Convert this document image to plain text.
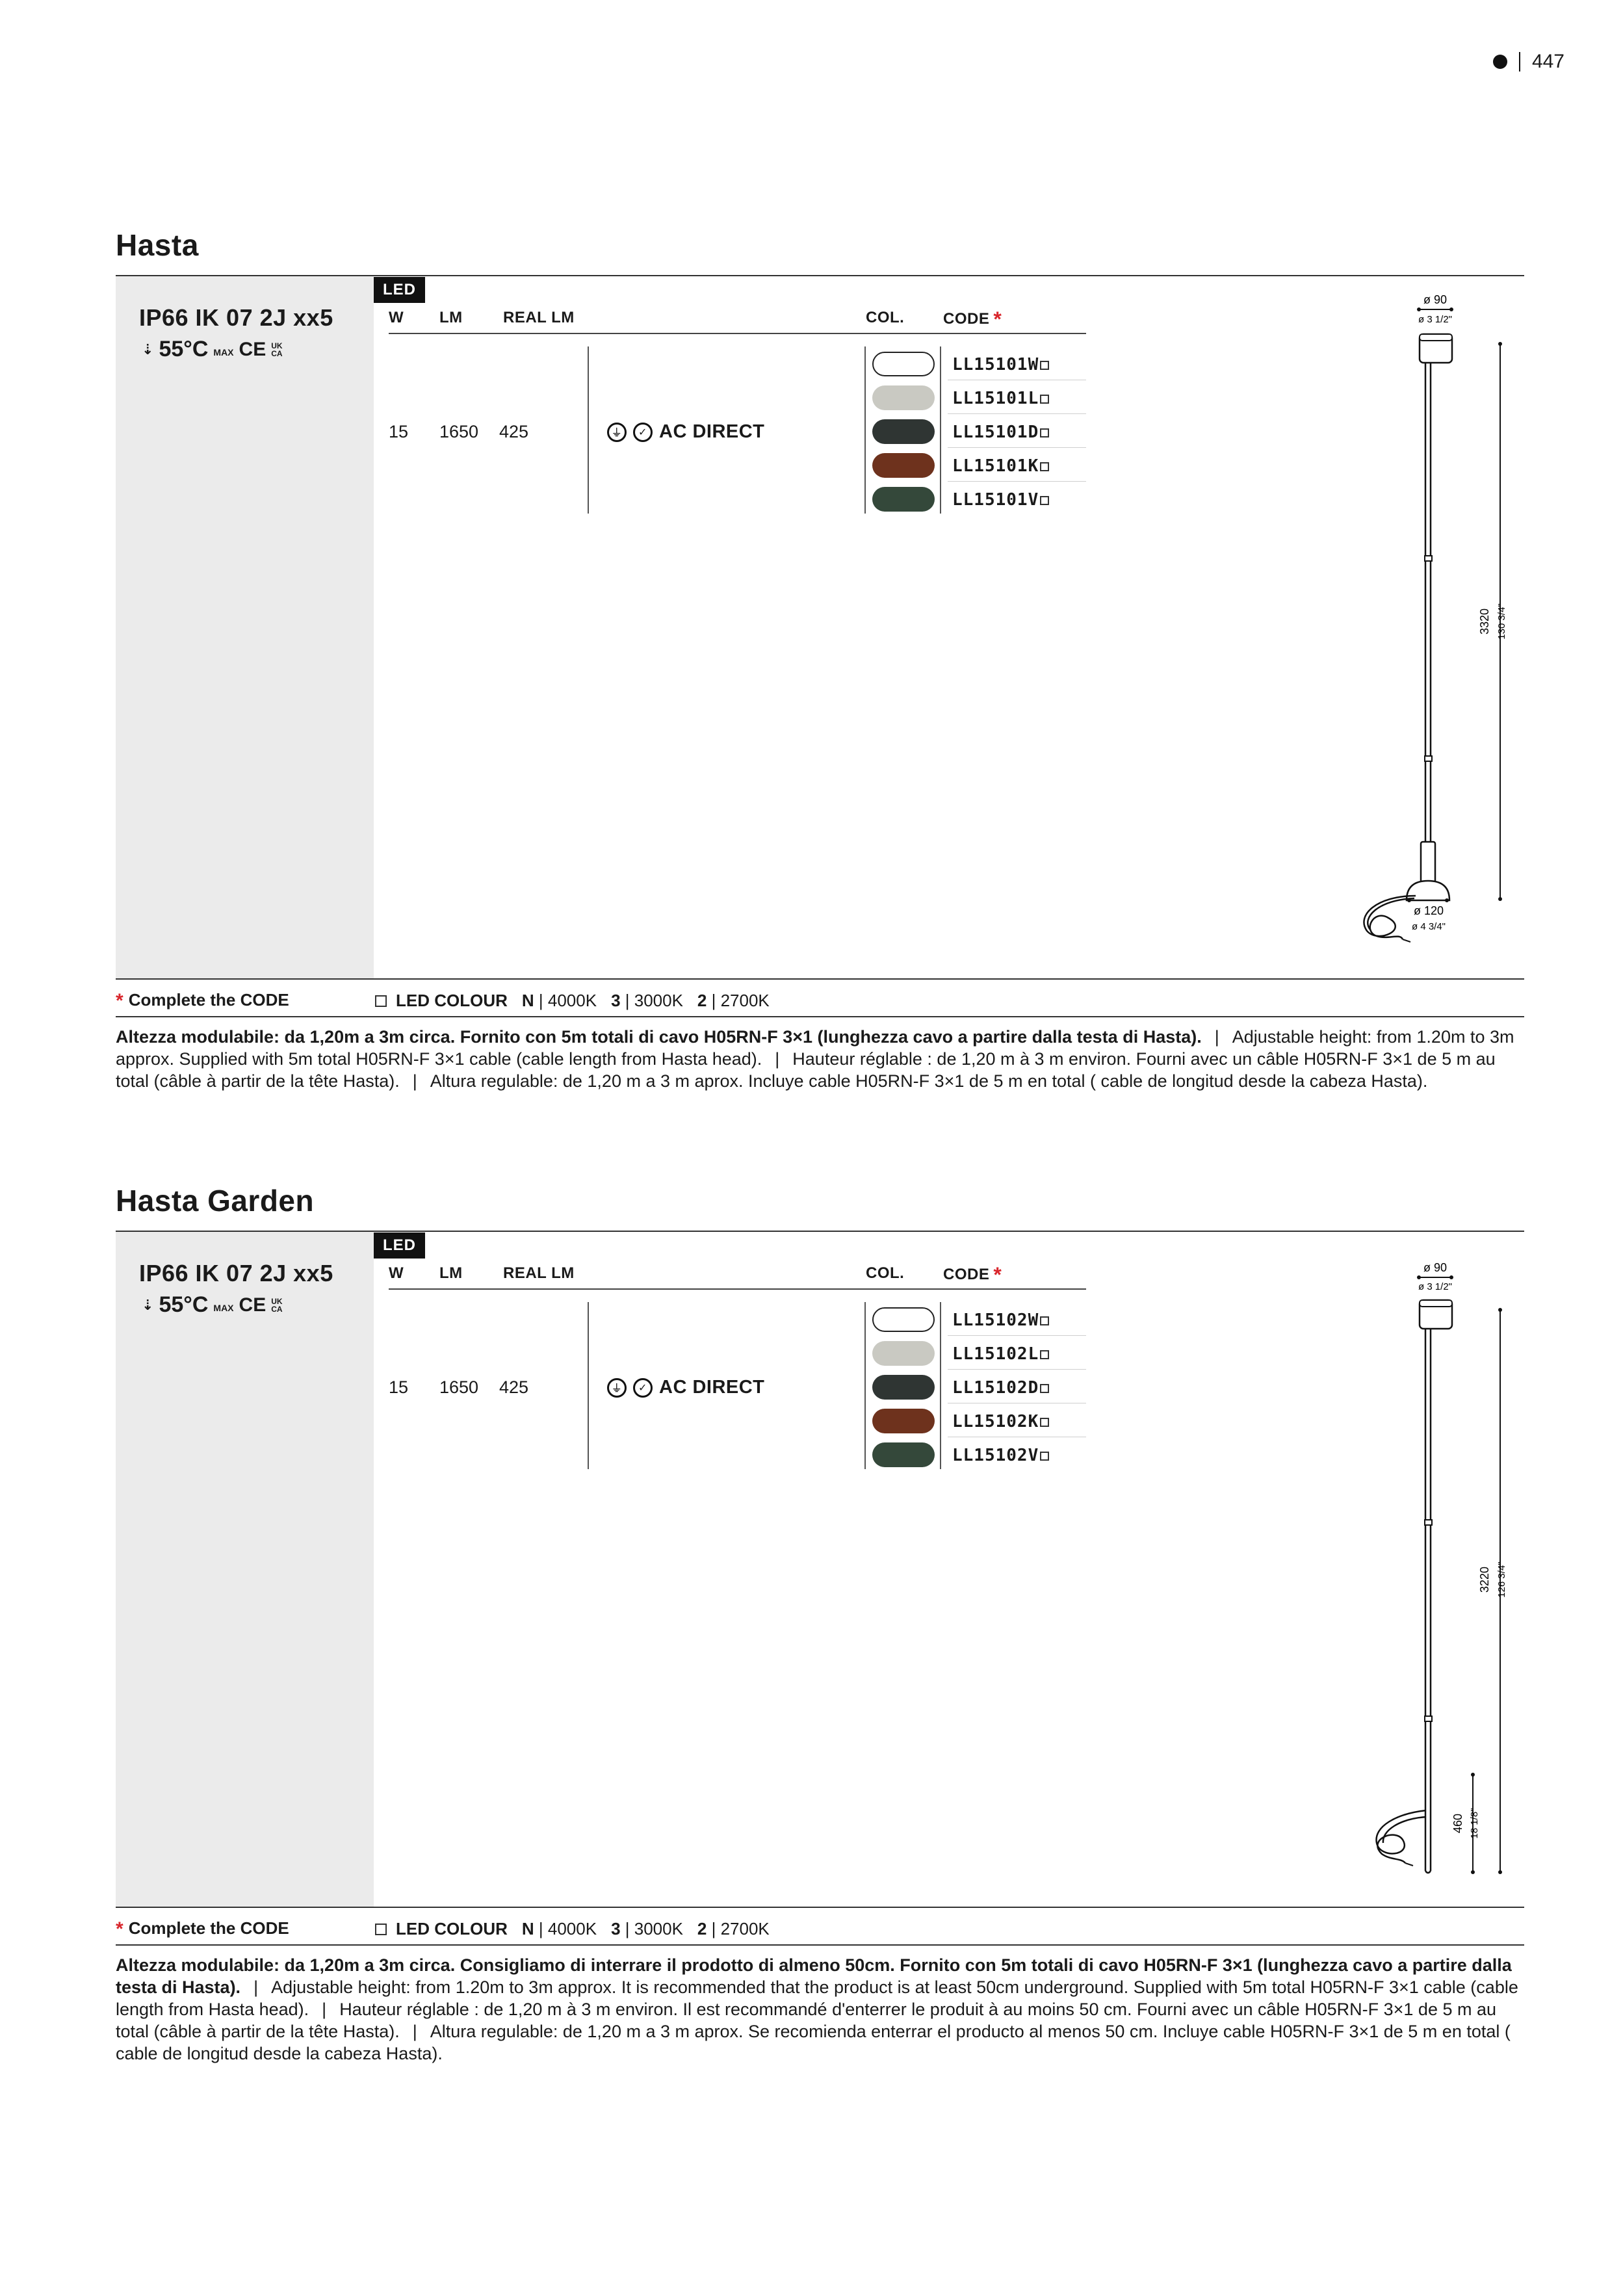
447
Hasta
IP66 IK 07 2J xx5
⇣ 55°C MAX CE UK CA
LED
W LM	REAL LM	COL. CODE *
15 1650 425	⏚	✓ AC DIRECT
LL15101W
LL15101L
LL15101D
LL15101K
LL15101V
ø 90
ø 3 1/2"
ø 120
ø 4 3/4"
3320 130 3/4"
* Complete the CODE	LED COLOUR N | 4000K 3 | 3000K 2 | 2700K
Altezza modulabile: da 1,20m a 3m circa. Fornito con 5m totali di cavo H05RN-F 3×1 (lunghezza cavo a partire dalla testa di Hasta). | Adjustable height: from 1.20m to 3m approx. Supplied with 5m total H05RN-F 3×1 cable (cable length from Hasta head). | Hauteur réglable : de 1,20 m à 3 m environ. Fourni avec un câble H05RN-F 3×1 de 5 m au total (câble à partir de la tête Hasta). | Altura regulable: de 1,20 m a 3 m aprox. Incluye cable H05RN-F 3×1 de 5 m en total ( cable de longitud desde la cabeza Hasta).
Hasta Garden
IP66 IK 07 2J xx5
⇣ 55°C MAX CE UK CA
LED
W LM	REAL LM	COL. CODE *
15 1650 425	⏚	✓ AC DIRECT
LL15102W
LL15102L
LL15102D
LL15102K
LL15102V
ø 90
ø 3 1/2"
3220 126 3/4"
460 18 1/8"
* Complete the CODE	LED COLOUR N | 4000K 3 | 3000K 2 | 2700K
Altezza modulabile: da 1,20m a 3m circa. Consigliamo di interrare il prodotto di almeno 50cm. Fornito con 5m totali di cavo H05RN-F 3×1 (lunghezza cavo a partire dalla testa di Hasta). | Adjustable height: from 1.20m to 3m approx. It is recommended that the product is at least 50cm underground. Supplied with 5m total H05RN-F 3×1 cable (cable length from Hasta head). | Hauteur réglable : de 1,20 m à 3 m environ. Il est recommandé d'enterrer le produit à au moins 50 cm. Fourni avec un câble H05RN-F 3×1 de 5 m au total (câble à partir de la tête Hasta). | Altura regulable: de 1,20 m a 3 m aprox. Se recomienda enterrar el producto al menos 50 cm. Incluye cable H05RN-F 3×1 de 5 m en total ( cable de longitud desde la cabeza Hasta).
